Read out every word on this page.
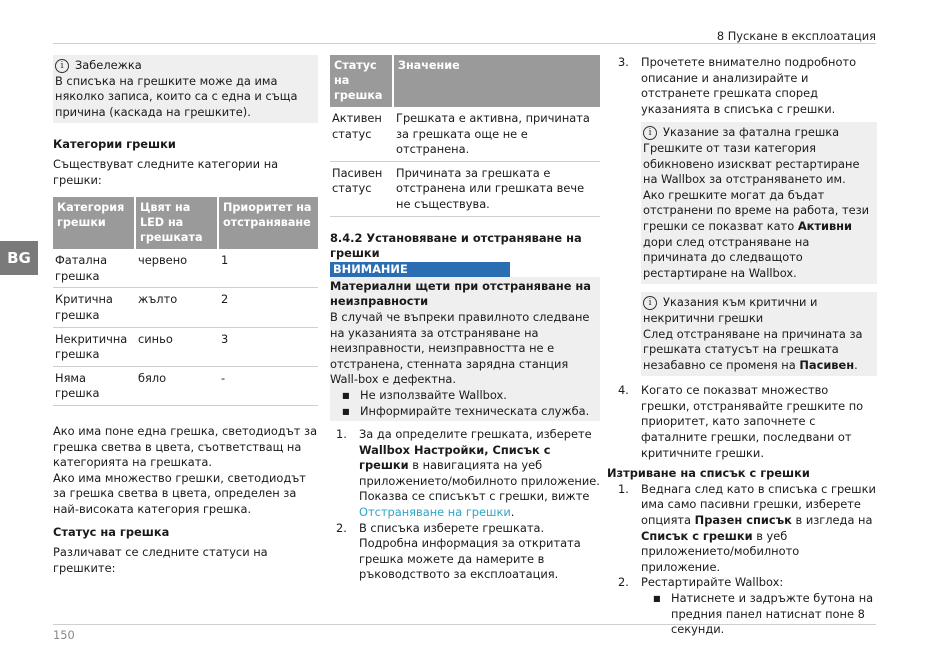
8 Пускане в експлоатация
BG
i	Забележка

В списъка на грешките може да има няколко записа, които са с една и съща причина (каскада на грешките).

Категории грешки

Съществуват следните категории на грешки:

Категория грешки	Цвят на LED на грешката	Приоритет на отстраняване
Фатална грешка	червено	1
Критична грешка	жълто	2
Некритична грешка	синьо	3
Няма грешка	бяло	-

Ако има поне една грешка, светодиодът за грешка светва в цвета, съответстващ на категорията на грешката.

Ако има множество грешки, светодиодът за грешка светва в цвета, определен за най-високата категория грешка.

Статус на грешка

Различават се следните статуси на грешките:

Статус на грешка	Значение
Активен статус	Грешката е активна, причината за грешката още не е отстранена.
Пасивен статус	Причината за грешката е отстранена или грешката вече не съществува.

8.4.2 Установяване и отстраняване на грешки

ВНИМАНИЕ

Материални щети при отстраняване на неизправности

В случай че въпреки правилното следване на указанията за отстраняване на неизправности, неизправността не е отстранена, стенната зарядна станция Wall-box е дефектна.

■ Не използвайте Wallbox.
■ Информирайте техническата служба.
1. За да определите грешката, изберете Wallbox Настройки, Списък с грешки в навигацията на уеб приложението/мобилното приложение.

Показва се списъкът с грешки, вижте Отстраняване на грешки.

2. В списъка изберете грешката.

Подробна информация за откритата грешка можете да намерите в ръководството за експлоатация.

3. Прочетете внимателно подробното описание и анализирайте и отстранете грешката според указанията в списъка с грешки.

i	Указание за фатална грешка

Грешките от тази категория обикновено изискват рестартиране на Wallbox за отстраняването им.

Ако грешките могат да бъдат отстранени по време на работа, тези грешки се показват като Активни дори след отстраняване на причината до следващото рестартиране на Wallbox.

i	Указания към критични и некритични грешки

След отстраняване на причината за грешката статусът на грешката незабавно се променя на Пасивен.

4. Когато се показват множество грешки, отстранявайте грешките по приоритет, като започнете с фаталните грешки, последвани от критичните грешки.

Изтриване на списък с грешки

1. Веднага след като в списъка с грешки има само пасивни грешки, изберете опцията Празен списък в изгледа на Списък с грешки в уеб приложението/мобилното приложение.

2. Рестартирайте Wallbox:

■ Натиснете и задръжте бутона на предния панел натиснат поне 8 секунди.
150
